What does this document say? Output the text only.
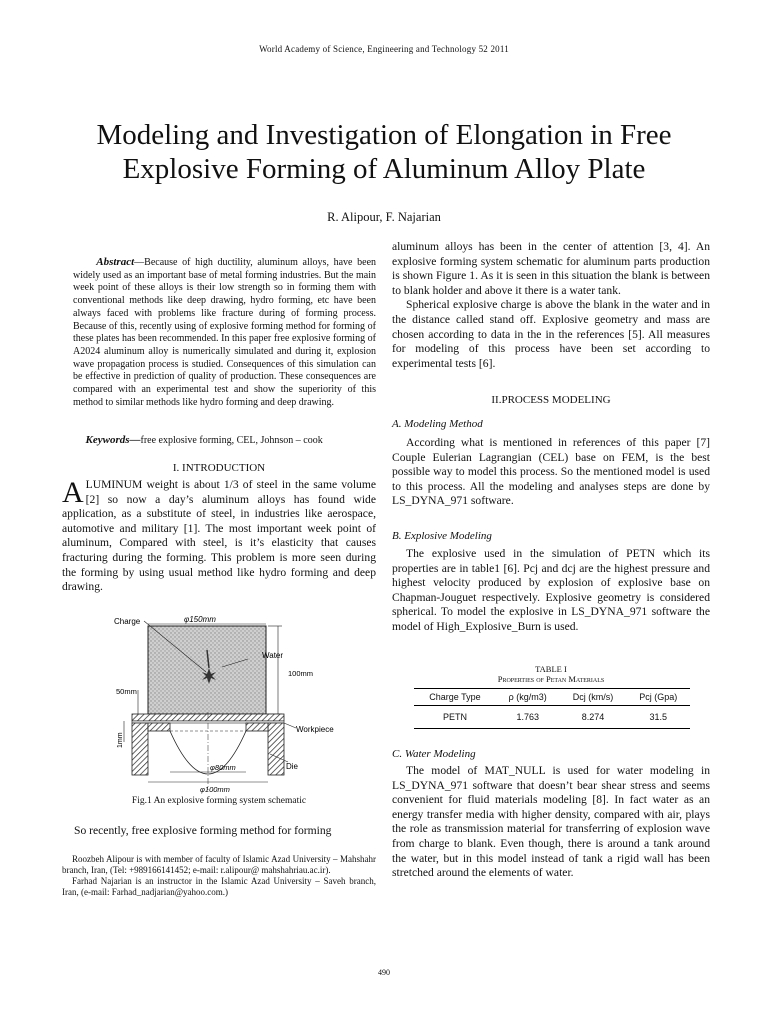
World Academy of Science, Engineering and Technology 52 2011
Modeling and Investigation of Elongation in Free Explosive Forming of Aluminum Alloy Plate
R. Alipour, F. Najarian
Abstract—Because of high ductility, aluminum alloys, have been widely used as an important base of metal forming industries. But the main week point of these alloys is their low strength so in forming them with conventional methods like deep drawing, hydro forming, etc have been always faced with problems like fracture during of forming process. Because of this, recently using of explosive forming method for forming of these plates has been recommended. In this paper free explosive forming of A2024 aluminum alloy is numerically simulated and during it, explosion wave propagation process is studied. Consequences of this simulation can be effective in prediction of quality of production. These consequences are compared with an experimental test and show the superiority of this method to similar methods like hydro forming and deep drawing.
Keywords—free explosive forming, CEL, Johnson – cook
I. INTRODUCTION
ALUMINUM weight is about 1/3 of steel in the same volume [2] so now a day’s aluminum alloys has found wide application, as a substitute of steel, in industries like aerospace, automotive and military [1]. The most important week point of aluminum, Compared with steel, is it’s elasticity that causes fracturing during the forming. This problem is more seen during the forming by using usual method like hydro forming and deep drawing.
Charge	φ150mm
Water
100mm
50mm
Workpiece
1mm
Die
φ80mm
φ100mm
Fig.1 An explosive forming system schematic
So recently, free explosive forming method for forming

Roozbeh Alipour is with member of faculty of Islamic Azad University – Mahshahr branch, Iran, (Tel: +989166141452; e-mail: r.alipour@ mahshahriau.ac.ir).

Farhad Najarian is an instructor in the Islamic Azad University – Saveh branch, Iran, (e-mail: Farhad_nadjarian@yahoo.com.)

aluminum alloys has been in the center of attention [3, 4]. An explosive forming system schematic for aluminum parts production is shown Figure 1. As it is seen in this situation the blank is between to blank holder and above it there is a water tank.

Spherical explosive charge is above the blank in the water and in the distance called stand off. Explosive geometry and mass are chosen according to data in the in the references [5]. All measures for modeling of this process have been set according to experimental tests [6].

II.PROCESS MODELING
A. Modeling Method
According what is mentioned in references of this paper [7] Couple Eulerian Lagrangian (CEL) base on FEM, is the best possible way to model this process. So the mentioned model is used to this process. All the modeling and analyses steps are done by LS_DYNA_971 software.
B. Explosive Modeling
The explosive used in the simulation of PETN which its properties are in table1 [6]. Pcj and dcj are the highest pressure and highest velocity produced by explosion of explosive base on Chapman-Jouguet respectively. Explosive geometry is considered spherical. To model the explosive in LS_DYNA_971 software the model of High_Explosive_Burn is used.
TABLE I
Properties of Petan Materials
Charge Type	ρ (kg/m3)	Dcj (km/s)	Pcj (Gpa)
PETN	1.763	8.274	31.5
C. Water Modeling
The model of MAT_NULL is used for water modeling in LS_DYNA_971 software that doesn’t bear shear stress and seems convenient for fluid materials modeling [8]. In fact water as an energy transfer media with higher density, compared with air, plays the role as transmission material for transferring of explosion wave from charge to blank. Even though, there is around a tank around the water, but in this model instead of tank a rigid wall has been stretched around the elements of water.
490
